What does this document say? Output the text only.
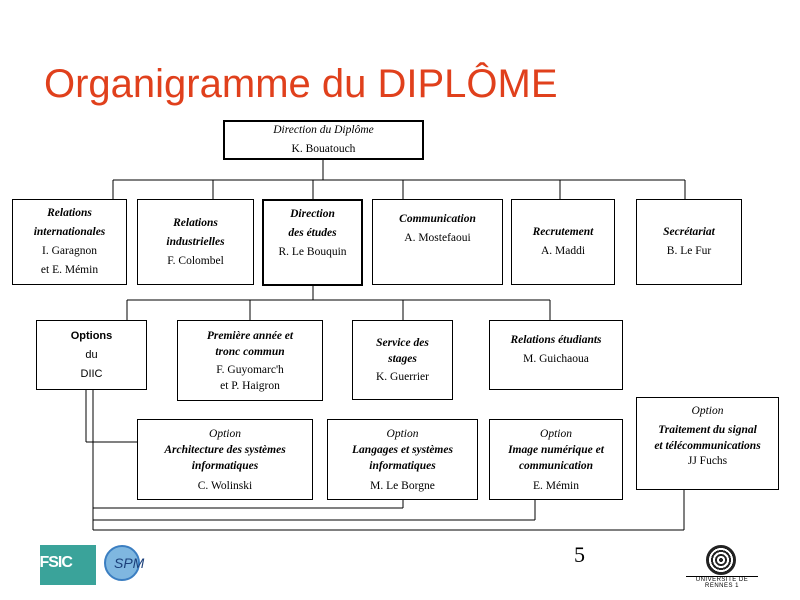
Organigramme du DIPLÔME
Direction du Diplôme
K. Bouatouch
Relations
internationales
I. Garagnon
et E. Mémin
Relations
industrielles
F. Colombel
Direction
des études
R. Le Bouquin
Communication
A. Mostefaoui	Recrutement
A. Maddi
Secrétariat
B. Le Fur
Options
du
DIIC
Première année et
tronc commun
F. Guyomarc'h
et P. Haigron
Service des
stages
K. Guerrier
Relations étudiants
M. Guichaoua
Option
Architecture des systèmes
informatiques
C. Wolinski
Option
Langages et systèmes
informatiques
M. Le Borgne
Option
Image numérique et
communication
E. Mémin
Option
Traitement du signal
et télécommunications
JJ Fuchs
5
IFSIC	SPM
UNIVERSITE DE RENNES 1
